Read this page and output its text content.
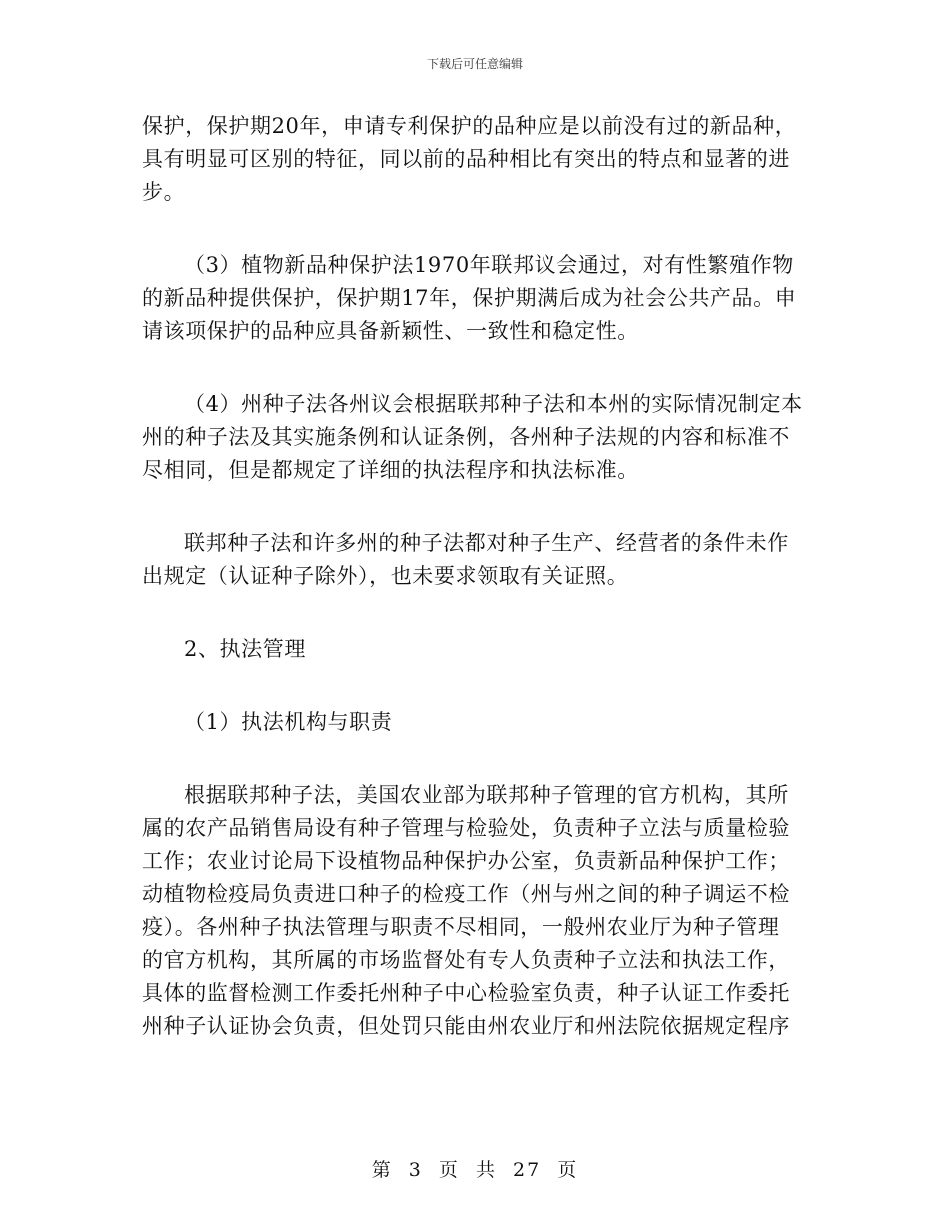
下载后可任意编辑
保护，保护期20年，申请专利保护的品种应是以前没有过的新品种，
具有明显可区别的特征，同以前的品种相比有突出的特点和显著的进
步。
（3）植物新品种保护法1970年联邦议会通过，对有性繁殖作物
的新品种提供保护，保护期17年，保护期满后成为社会公共产品。申
请该项保护的品种应具备新颖性、一致性和稳定性。
（4）州种子法各州议会根据联邦种子法和本州的实际情况制定本
州的种子法及其实施条例和认证条例，各州种子法规的内容和标准不
尽相同，但是都规定了详细的执法程序和执法标准。
联邦种子法和许多州的种子法都对种子生产、经营者的条件未作
出规定（认证种子除外），也未要求领取有关证照。
2、执法管理
（1）执法机构与职责
根据联邦种子法，美国农业部为联邦种子管理的官方机构，其所
属的农产品销售局设有种子管理与检验处，负责种子立法与质量检验
工作；农业讨论局下设植物品种保护办公室，负责新品种保护工作；
动植物检疫局负责进口种子的检疫工作（州与州之间的种子调运不检
疫）。各州种子执法管理与职责不尽相同，一般州农业厅为种子管理
的官方机构，其所属的市场监督处有专人负责种子立法和执法工作，
具体的监督检测工作委托州种子中心检验室负责，种子认证工作委托
州种子认证协会负责，但处罚只能由州农业厅和州法院依据规定程序
第 3 页 共 27 页
